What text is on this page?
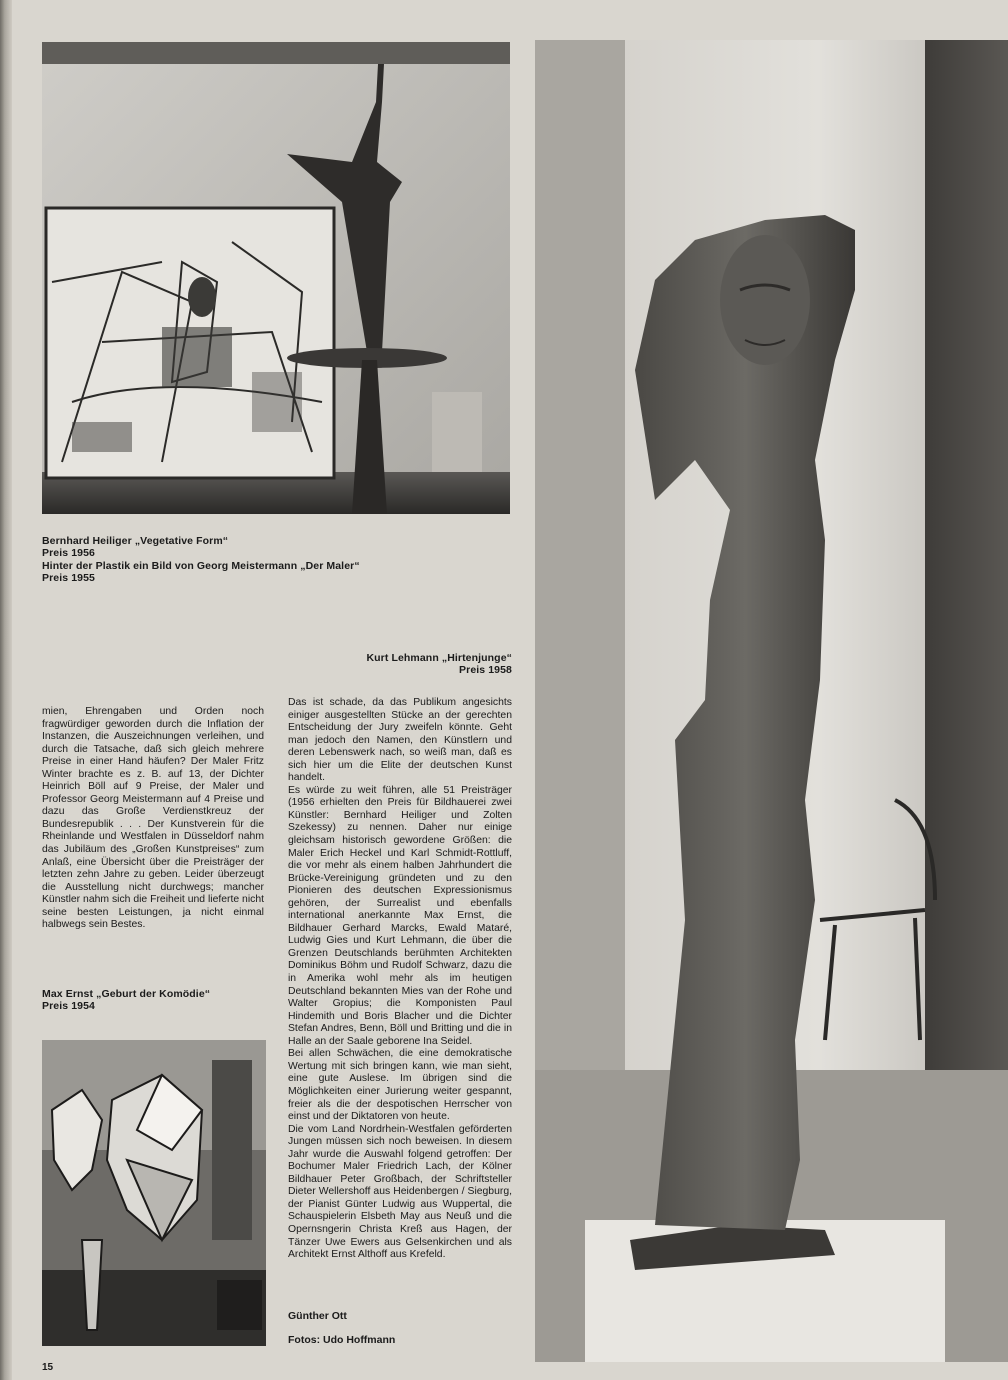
Bernhard Heiliger „Vegetative Form“
Preis 1956
Hinter der Plastik ein Bild von Georg Meistermann „Der Maler“
Preis 1955
Kurt Lehmann „Hirtenjunge“
Preis 1958

mien, Ehrengaben und Orden noch fragwürdiger geworden durch die Inflation der Instanzen, die Auszeichnungen verleihen, und durch die Tatsache, daß sich gleich mehrere Preise in einer Hand häufen? Der Maler Fritz Winter brachte es z. B. auf 13, der Dichter Heinrich Böll auf 9 Preise, der Maler und Professor Georg Meistermann auf 4 Preise und dazu das Große Verdienstkreuz der Bundesrepublik . . . Der Kunstverein für die Rheinlande und Westfalen in Düsseldorf nahm das Jubiläum des „Großen Kunstpreises“ zum Anlaß, eine Übersicht über die Preisträger der letzten zehn Jahre zu geben. Leider überzeugt die Ausstellung nicht durchwegs; mancher Künstler nahm sich die Freiheit und lieferte nicht seine besten Leistungen, ja nicht einmal halbwegs sein Bestes.

Das ist schade, da das Publikum angesichts einiger ausgestellten Stücke an der gerechten Entscheidung der Jury zweifeln könnte. Geht man jedoch den Namen, den Künstlern und deren Lebenswerk nach, so weiß man, daß es sich hier um die Elite der deutschen Kunst handelt.

Es würde zu weit führen, alle 51 Preisträger (1956 erhielten den Preis für Bildhauerei zwei Künstler: Bernhard Heiliger und Zolten Szekessy) zu nennen. Daher nur einige gleichsam historisch gewordene Größen: die Maler Erich Heckel und Karl Schmidt-Rottluff, die vor mehr als einem halben Jahrhundert die Brücke-Vereinigung gründeten und zu den Pionieren des deutschen Expressionismus gehören, der Surrealist und ebenfalls international anerkannte Max Ernst, die Bildhauer Gerhard Marcks, Ewald Mataré, Ludwig Gies und Kurt Lehmann, die über die Grenzen Deutschlands berühmten Architekten Dominikus Böhm und Rudolf Schwarz, dazu die in Amerika wohl mehr als im heutigen Deutschland bekannten Mies van der Rohe und Walter Gropius; die Komponisten Paul Hindemith und Boris Blacher und die Dichter Stefan Andres, Benn, Böll und Britting und die in Halle an der Saale geborene Ina Seidel.

Bei allen Schwächen, die eine demokratische Wertung mit sich bringen kann, wie man sieht, eine gute Auslese. Im übrigen sind die Möglichkeiten einer Jurierung weiter gespannt, freier als die der despotischen Herrscher von einst und der Diktatoren von heute.

Die vom Land Nordrhein-Westfalen geförderten Jungen müssen sich noch beweisen. In diesem Jahr wurde die Auswahl folgend getroffen: Der Bochumer Maler Friedrich Lach, der Kölner Bildhauer Peter Großbach, der Schriftsteller Dieter Wellershoff aus Heidenbergen / Siegburg, der Pianist Günter Ludwig aus Wuppertal, die Schauspielerin Elsbeth May aus Neuß und die Opernsngerin Christa Kreß aus Hagen, der Tänzer Uwe Ewers aus Gelsenkirchen und als Architekt Ernst Althoff aus Krefeld.

Günther Ott
Fotos: Udo Hoffmann
Max Ernst „Geburt der Komödie“
Preis 1954
15
